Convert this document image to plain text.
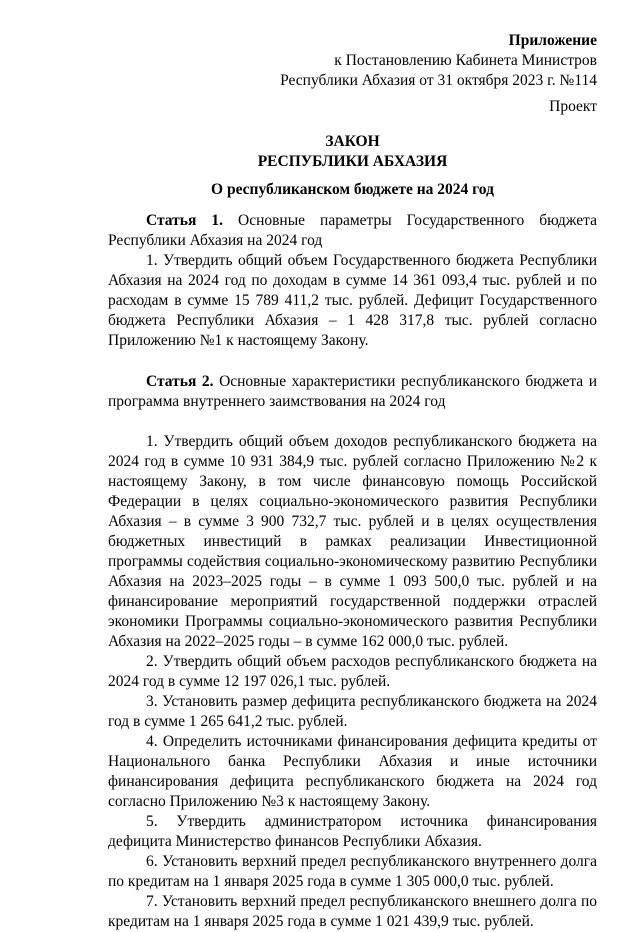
Приложение
к Постановлению Кабинета Министров
Республики Абхазия от 31 октября 2023 г. №114
Проект
ЗАКОН
РЕСПУБЛИКИ АБХАЗИЯ
О республиканском бюджете на 2024 год

Статья 1. Основные параметры Государственного бюджета Республики Абхазия на 2024 год

1. Утвердить общий объем Государственного бюджета Республики Абхазия на 2024 год по доходам в сумме 14 361 093,4 тыс. рублей и по расходам в сумме 15 789 411,2 тыс. рублей. Дефицит Государственного бюджета Республики Абхазия – 1 428 317,8 тыс. рублей согласно Приложению №1 к настоящему Закону.

Статья 2. Основные характеристики республиканского бюджета и программа внутреннего заимствования на 2024 год

1. Утвердить общий объем доходов республиканского бюджета на 2024 год в сумме 10 931 384,9 тыс. рублей согласно Приложению №2 к настоящему Закону, в том числе финансовую помощь Российской Федерации в целях социально-экономического развития Республики Абхазия – в сумме 3 900 732,7 тыс. рублей и в целях осуществления бюджетных инвестиций в рамках реализации Инвестиционной программы содействия социально-экономическому развитию Республики Абхазия на 2023–2025 годы – в сумме 1 093 500,0 тыс. рублей и на финансирование мероприятий государственной поддержки отраслей экономики Программы социально-экономического развития Республики Абхазия на 2022–2025 годы – в сумме 162 000,0 тыс. рублей.

2. Утвердить общий объем расходов республиканского бюджета на 2024 год в сумме 12 197 026,1 тыс. рублей.

3. Установить размер дефицита республиканского бюджета на 2024 год в сумме 1 265 641,2 тыс. рублей.

4. Определить источниками финансирования дефицита кредиты от Национального банка Республики Абхазия и иные источники финансирования дефицита республиканского бюджета на 2024 год согласно Приложению №3 к настоящему Закону.

5. Утвердить администратором источника финансирования дефицита Министерство финансов Республики Абхазия.

6. Установить верхний предел республиканского внутреннего долга по кредитам на 1 января 2025 года в сумме 1 305 000,0 тыс. рублей.

7. Установить верхний предел республиканского внешнего долга по кредитам на 1 января 2025 года в сумме 1 021 439,9 тыс. рублей.
